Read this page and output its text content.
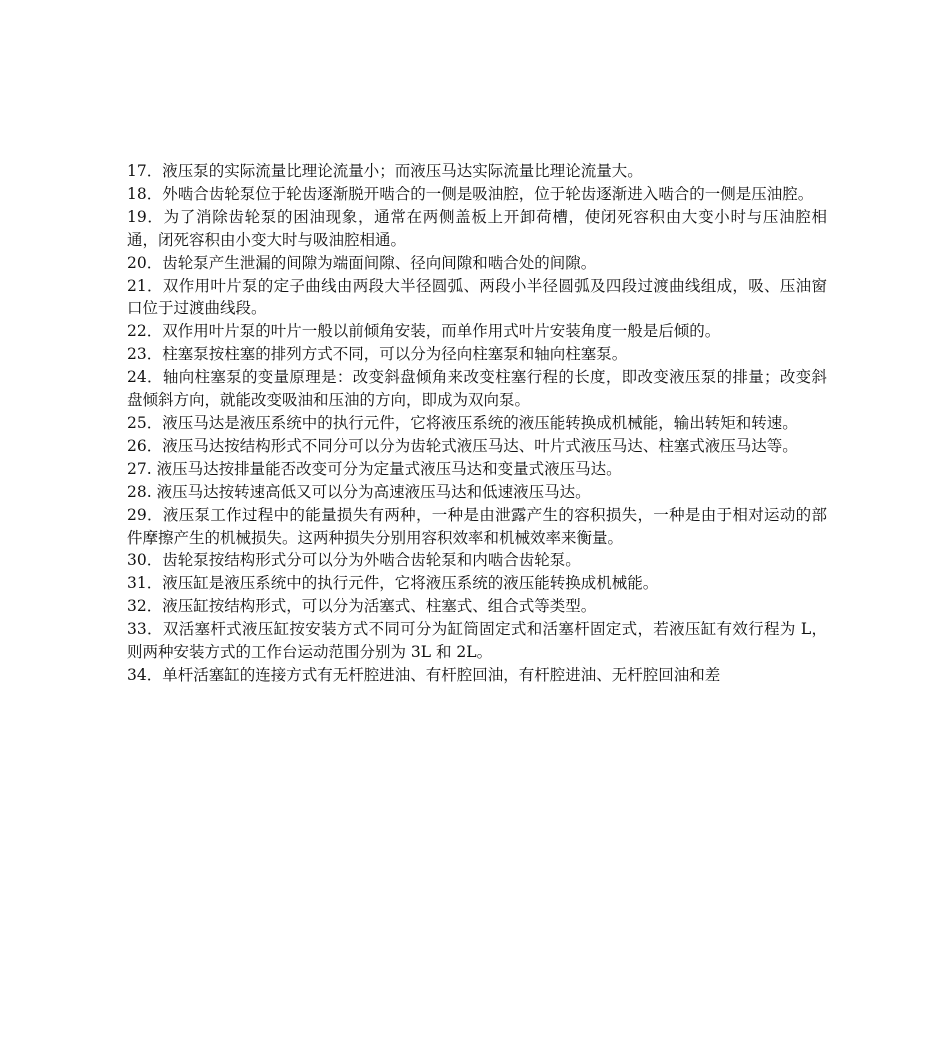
17．液压泵的实际流量比理论流量小；而液压马达实际流量比理论流量大。

18．外啮合齿轮泵位于轮齿逐渐脱开啮合的一侧是吸油腔，位于轮齿逐渐进入啮合的一侧是压油腔。

19．为了消除齿轮泵的困油现象，通常在两侧盖板上开卸荷槽，使闭死容积由大变小时与压油腔相通，闭死容积由小变大时与吸油腔相通。

20．齿轮泵产生泄漏的间隙为端面间隙、径向间隙和啮合处的间隙。

21．双作用叶片泵的定子曲线由两段大半径圆弧、两段小半径圆弧及四段过渡曲线组成，吸、压油窗口位于过渡曲线段。

22．双作用叶片泵的叶片一般以前倾角安装，而单作用式叶片安装角度一般是后倾的。

23．柱塞泵按柱塞的排列方式不同，可以分为径向柱塞泵和轴向柱塞泵。

24．轴向柱塞泵的变量原理是：改变斜盘倾角来改变柱塞行程的长度，即改变液压泵的排量；改变斜盘倾斜方向，就能改变吸油和压油的方向，即成为双向泵。

25．液压马达是液压系统中的执行元件，它将液压系统的液压能转换成机械能，输出转矩和转速。

26．液压马达按结构形式不同分可以分为齿轮式液压马达、叶片式液压马达、柱塞式液压马达等。

27. 液压马达按排量能否改变可分为定量式液压马达和变量式液压马达。

28. 液压马达按转速高低又可以分为高速液压马达和低速液压马达。

29．液压泵工作过程中的能量损失有两种，一种是由泄露产生的容积损失，一种是由于相对运动的部件摩擦产生的机械损失。这两种损失分别用容积效率和机械效率来衡量。

30．齿轮泵按结构形式分可以分为外啮合齿轮泵和内啮合齿轮泵。

31．液压缸是液压系统中的执行元件，它将液压系统的液压能转换成机械能。

32．液压缸按结构形式，可以分为活塞式、柱塞式、组合式等类型。

33．双活塞杆式液压缸按安装方式不同可分为缸筒固定式和活塞杆固定式，若液压缸有效行程为 L，则两种安装方式的工作台运动范围分别为 3L 和 2L。

34．单杆活塞缸的连接方式有无杆腔进油、有杆腔回油，有杆腔进油、无杆腔回油和差
